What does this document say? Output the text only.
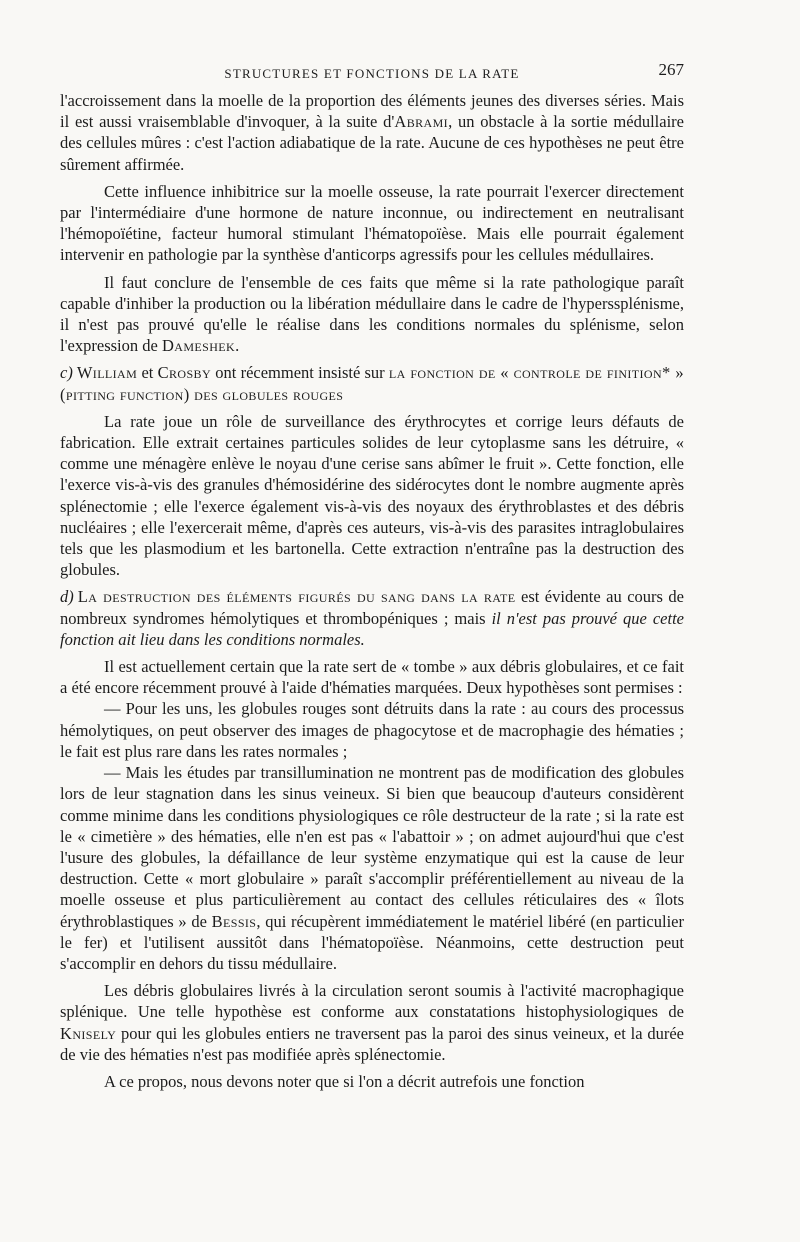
STRUCTURES ET FONCTIONS DE LA RATE	267

l'accroissement dans la moelle de la proportion des éléments jeunes des diverses séries. Mais il est aussi vraisemblable d'invoquer, à la suite d'Abrami, un obstacle à la sortie médullaire des cellules mûres : c'est l'action adiabatique de la rate. Aucune de ces hypothèses ne peut être sûrement affirmée.

Cette influence inhibitrice sur la moelle osseuse, la rate pourrait l'exercer directement par l'intermédiaire d'une hormone de nature inconnue, ou indirectement en neutralisant l'hémopoïétine, facteur humoral stimulant l'hématopoïèse. Mais elle pourrait également intervenir en pathologie par la synthèse d'anticorps agressifs pour les cellules médullaires.

Il faut conclure de l'ensemble de ces faits que même si la rate pathologique paraît capable d'inhiber la production ou la libération médullaire dans le cadre de l'hyperssplénisme, il n'est pas prouvé qu'elle le réalise dans les conditions normales du splénisme, selon l'expression de Dameshek.

c) William et Crosby ont récemment insisté sur la fonction de « controle de finition* » (pitting function) des globules rouges

La rate joue un rôle de surveillance des érythrocytes et corrige leurs défauts de fabrication. Elle extrait certaines particules solides de leur cytoplasme sans les détruire, « comme une ménagère enlève le noyau d'une cerise sans abîmer le fruit ». Cette fonction, elle l'exerce vis-à-vis des granules d'hémosidérine des sidérocytes dont le nombre augmente après splénectomie ; elle l'exerce également vis-à-vis des noyaux des érythroblastes et des débris nucléaires ; elle l'exercerait même, d'après ces auteurs, vis-à-vis des parasites intraglobulaires tels que les plasmodium et les bartonella. Cette extraction n'entraîne pas la destruction des globules.

d) La destruction des éléments figurés du sang dans la rate est évidente au cours de nombreux syndromes hémolytiques et thrombopéniques ; mais il n'est pas prouvé que cette fonction ait lieu dans les conditions normales.

Il est actuellement certain que la rate sert de « tombe » aux débris globulaires, et ce fait a été encore récemment prouvé à l'aide d'hématies marquées. Deux hypothèses sont permises :

— Pour les uns, les globules rouges sont détruits dans la rate : au cours des processus hémolytiques, on peut observer des images de phagocytose et de macrophagie des hématies ; le fait est plus rare dans les rates normales ;

— Mais les études par transillumination ne montrent pas de modification des globules lors de leur stagnation dans les sinus veineux. Si bien que beaucoup d'auteurs considèrent comme minime dans les conditions physiologiques ce rôle destructeur de la rate ; si la rate est le « cimetière » des hématies, elle n'en est pas « l'abattoir » ; on admet aujourd'hui que c'est l'usure des globules, la défaillance de leur système enzymatique qui est la cause de leur destruction. Cette « mort globulaire » paraît s'accomplir préférentiellement au niveau de la moelle osseuse et plus particulièrement au contact des cellules réticulaires des « îlots érythroblastiques » de Bessis, qui récupèrent immédiatement le matériel libéré (en particulier le fer) et l'utilisent aussitôt dans l'hématopoïèse. Néanmoins, cette destruction peut s'accomplir en dehors du tissu médullaire.

Les débris globulaires livrés à la circulation seront soumis à l'activité macrophagique splénique. Une telle hypothèse est conforme aux constatations histophysiologiques de Knisely pour qui les globules entiers ne traversent pas la paroi des sinus veineux, et la durée de vie des hématies n'est pas modifiée après splénectomie.

A ce propos, nous devons noter que si l'on a décrit autrefois une fonction
